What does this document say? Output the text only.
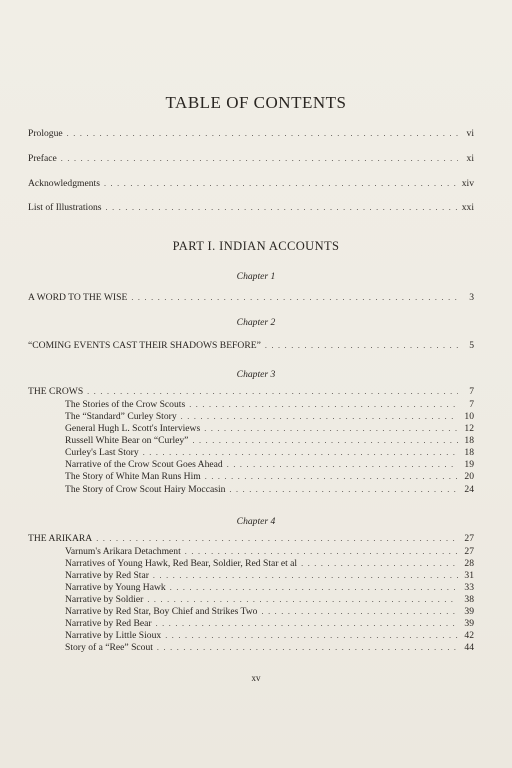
TABLE OF CONTENTS
Prologue . . .	vi
Preface . . .	xi
Acknowledgments . . .	xiv
List of Illustrations . . .	xxi
PART I. INDIAN ACCOUNTS
Chapter 1
A WORD TO THE WISE . . .	3
Chapter 2
“COMING EVENTS CAST THEIR SHADOWS BEFORE” . . .	5
Chapter 3
THE CROWS . . .	7
The Stories of the Crow Scouts . . .	7
The “Standard” Curley Story . . .	10
General Hugh L. Scott's Interviews . . .	12
Russell White Bear on “Curley” . . .	18
Curley's Last Story . . .	18
Narrative of the Crow Scout Goes Ahead . . .	19
The Story of White Man Runs Him . . .	20
The Story of Crow Scout Hairy Moccasin . . .	24
Chapter 4
THE ARIKARA . . .	27
Varnum's Arikara Detachment . . .	27
Narratives of Young Hawk, Red Bear, Soldier, Red Star et al . . .	28
Narrative by Red Star . . .	31
Narrative by Young Hawk . . .	33
Narrative by Soldier . . .	38
Narrative by Red Star, Boy Chief and Strikes Two . . .	39
Narrative by Red Bear . . .	39
Narrative by Little Sioux . . .	42
Story of a “Ree” Scout . . .	44
xv
